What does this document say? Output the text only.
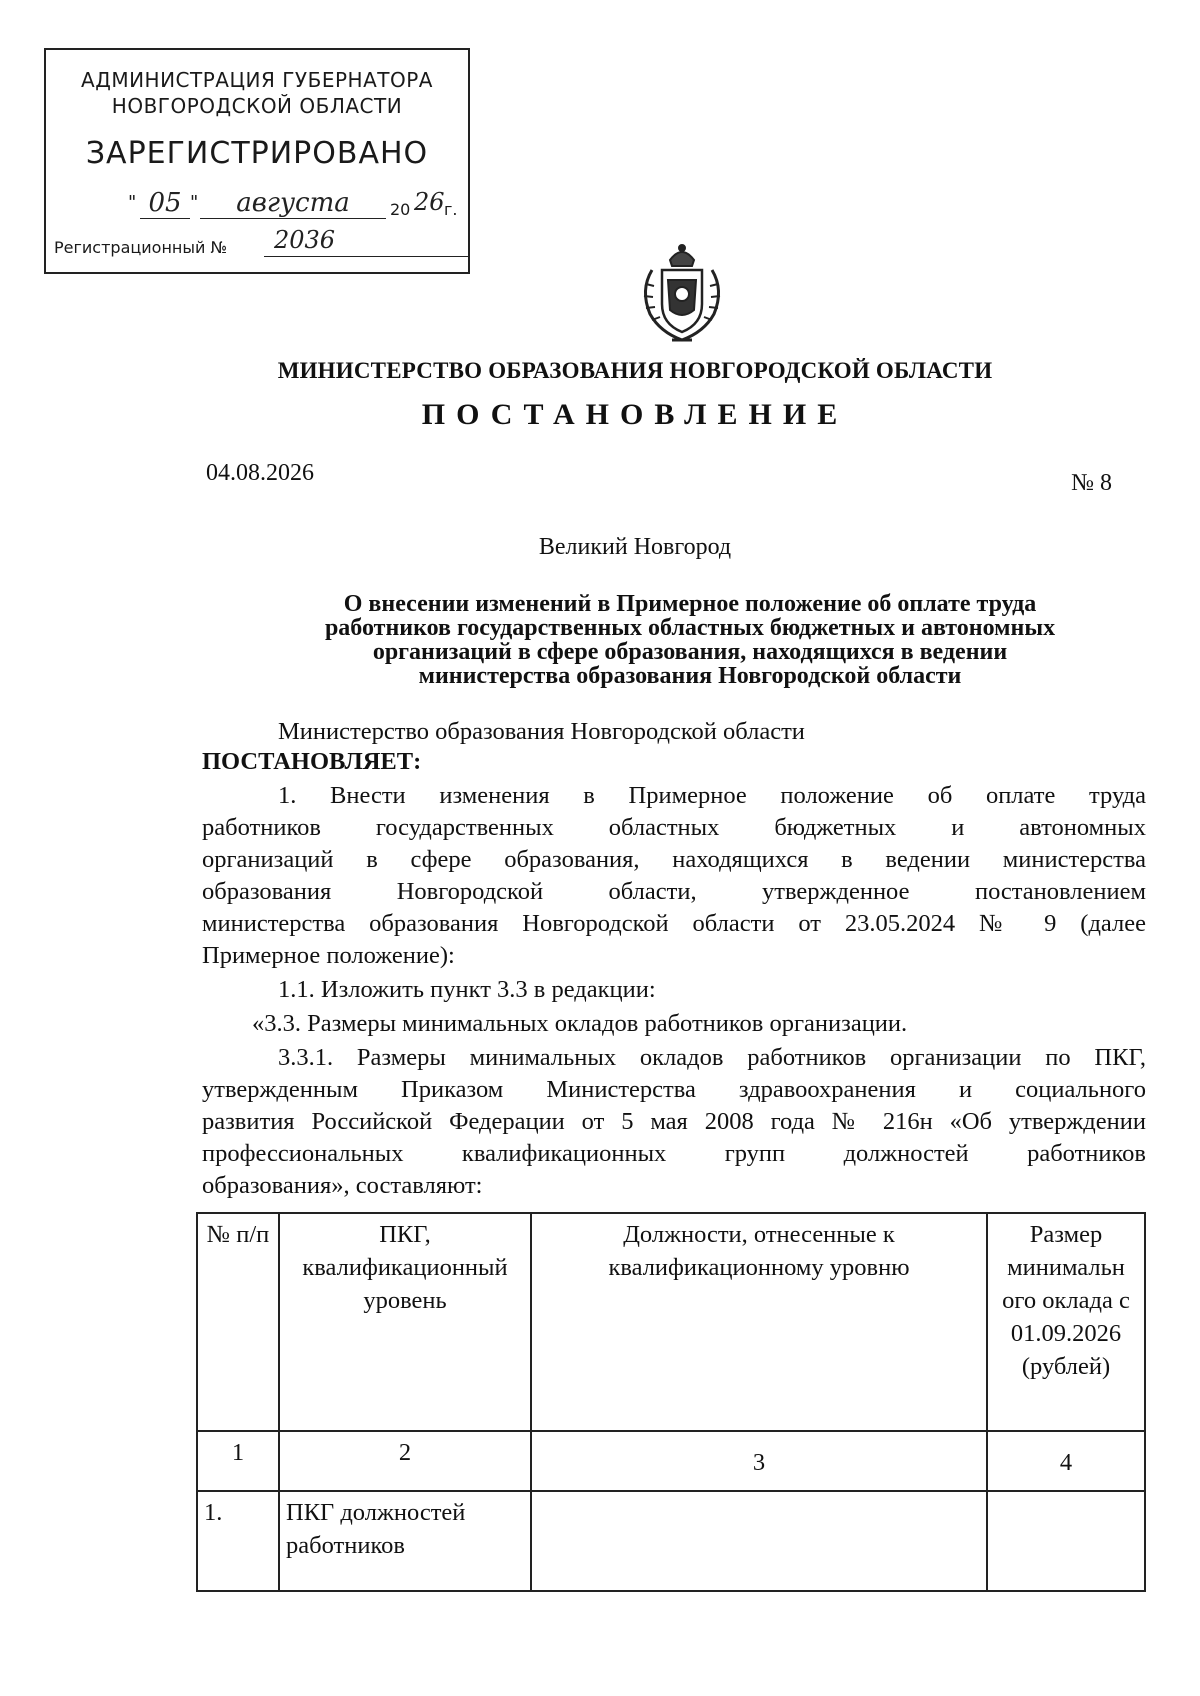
АДМИНИСТРАЦИЯ ГУБЕРНАТОРА
НОВГОРОДСКОЙ ОБЛАСТИ
ЗАРЕГИСТРИРОВАНО
" 05 "	августа	20 26 г.
Регистрационный №	2036
МИНИСТЕРСТВО ОБРАЗОВАНИЯ НОВГОРОДСКОЙ ОБЛАСТИ
ПОСТАНОВЛЕНИЕ
04.08.2026	№ 8
Великий Новгород
О внесении изменений в Примерное положение об оплате труда
работников государственных областных бюджетных и автономных
организаций в сфере образования, находящихся в ведении
министерства образования Новгородской области
Министерство образования Новгородской области
ПОСТАНОВЛЯЕТ:
1. Внести изменения в Примерное положение об оплате труда
работников государственных областных бюджетных и автономных
организаций в сфере образования, находящихся в ведении министерства
образования Новгородской области, утвержденное постановлением
министерства образования Новгородской области от 23.05.2024 № 9 (далее
Примерное положение):
1.1. Изложить пункт 3.3 в редакции:
«3.3. Размеры минимальных окладов работников организации.
3.3.1. Размеры минимальных окладов работников организации по ПКГ,
утвержденным Приказом Министерства здравоохранения и социального
развития Российской Федерации от 5 мая 2008 года № 216н «Об утверждении
профессиональных квалификационных групп должностей работников
образования», составляют:
№ п/п	ПКГ, квалификационный уровень	Должности, отнесенные к квалификационному уровню	Размер минимальн ого оклада с 01.09.2026 (рублей)
1	2	3	4
1.	ПКГ должностей работников		
